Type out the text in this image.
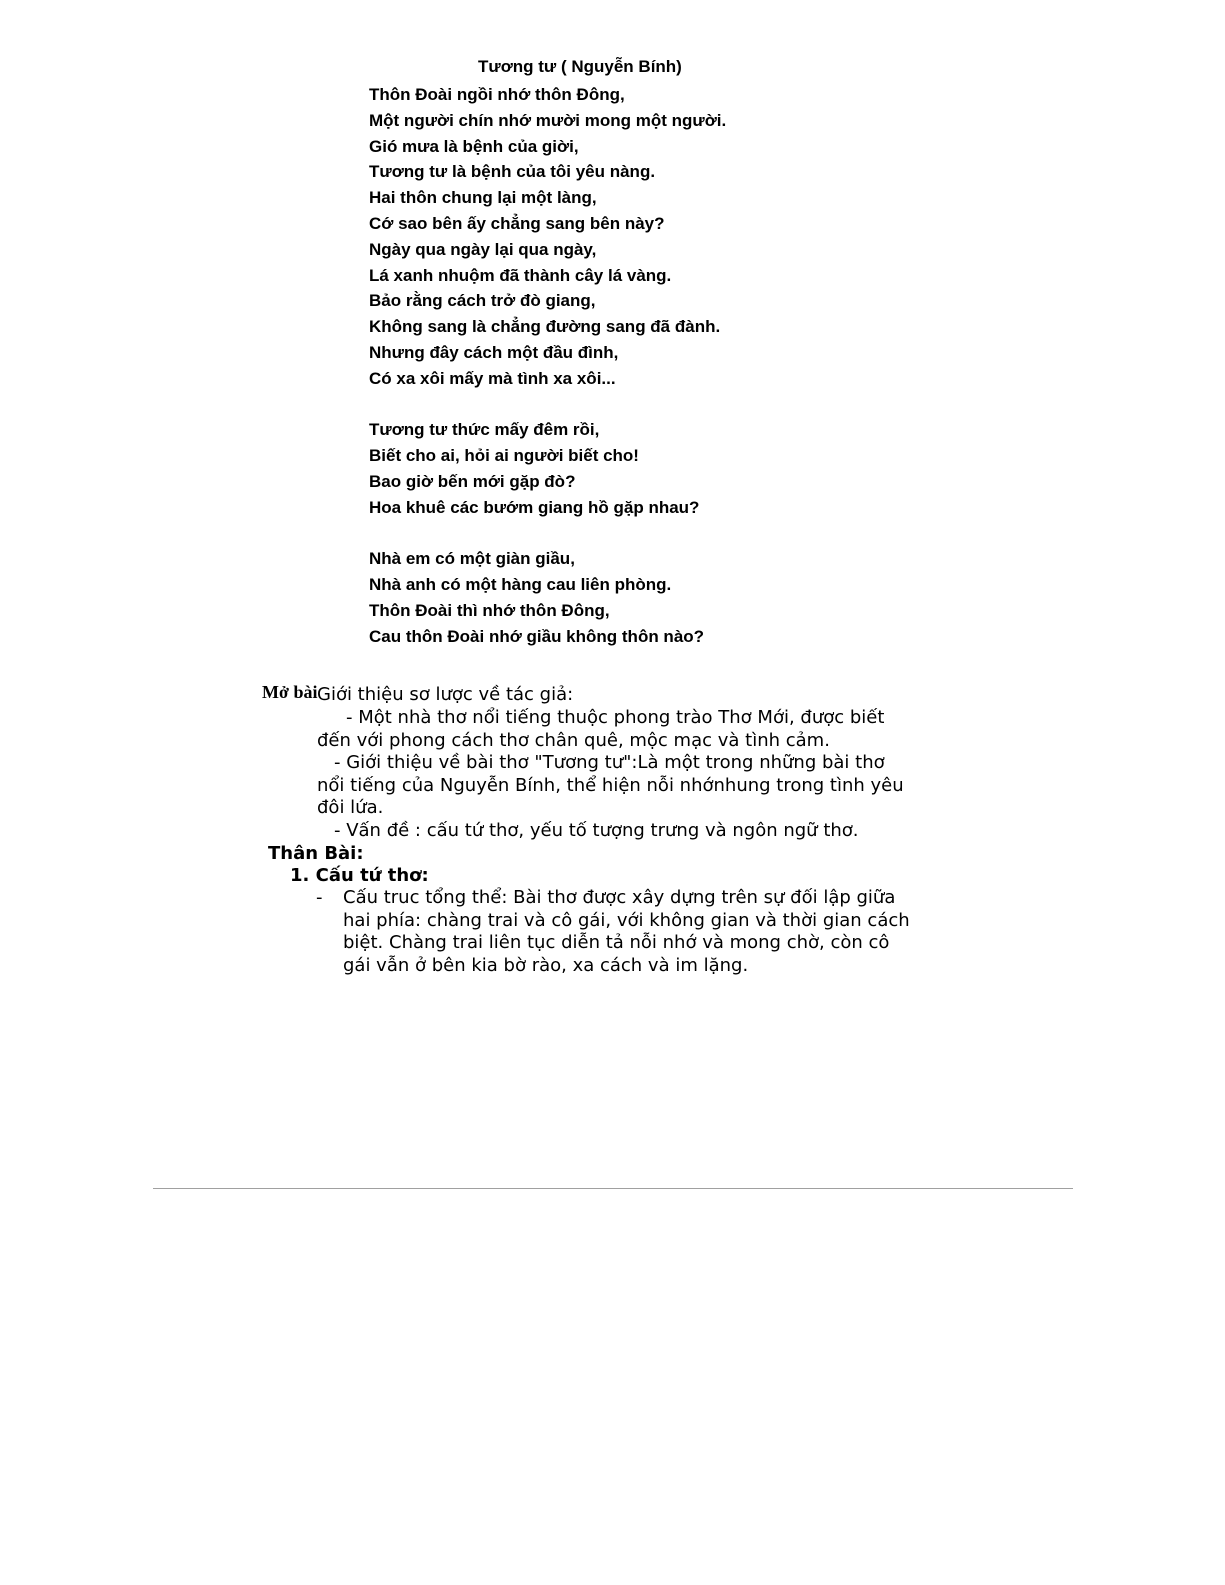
Tương tư ( Nguyễn Bính)
Thôn Đoài ngồi nhớ thôn Đông,
Một người chín nhớ mười mong một người.
Gió mưa là bệnh của giời,
Tương tư là bệnh của tôi yêu nàng.
Hai thôn chung lại một làng,
Cớ sao bên ấy chẳng sang bên này?
Ngày qua ngày lại qua ngày,
Lá xanh nhuộm đã thành cây lá vàng.
Bảo rằng cách trở đò giang,
Không sang là chẳng đường sang đã đành.
Nhưng đây cách một đầu đình,
Có xa xôi mấy mà tình xa xôi...
Tương tư thức mấy đêm rồi,
Biết cho ai, hỏi ai người biết cho!
Bao giờ bến mới gặp đò?
Hoa khuê các bướm giang hồ gặp nhau?
Nhà em có một giàn giầu,
Nhà anh có một hàng cau liên phòng.
Thôn Đoài thì nhớ thôn Đông,
Cau thôn Đoài nhớ giầu không thôn nào?
Mở bài Giới thiệu sơ lược về tác giả:
- Một nhà thơ nổi tiếng thuộc phong trào Thơ Mới, được biết
đến với phong cách thơ chân quê, mộc mạc và tình cảm.
- Giới thiệu về bài thơ "Tương tư":Là một trong những bài thơ
nổi tiếng của Nguyễn Bính, thể hiện nỗi nhớnhung trong tình yêu
đôi lứa.
- Vấn đề : cấu tứ thơ, yếu tố tượng trưng và ngôn ngữ thơ.
Thân Bài:
1. Cấu tứ thơ:
- Cấu truc tổng thể: Bài thơ được xây dựng trên sự đối lập giữa
hai phía: chàng trai và cô gái, với không gian và thời gian cách
biệt. Chàng trai liên tục diễn tả nỗi nhớ và mong chờ, còn cô
gái vẫn ở bên kia bờ rào, xa cách và im lặng.
